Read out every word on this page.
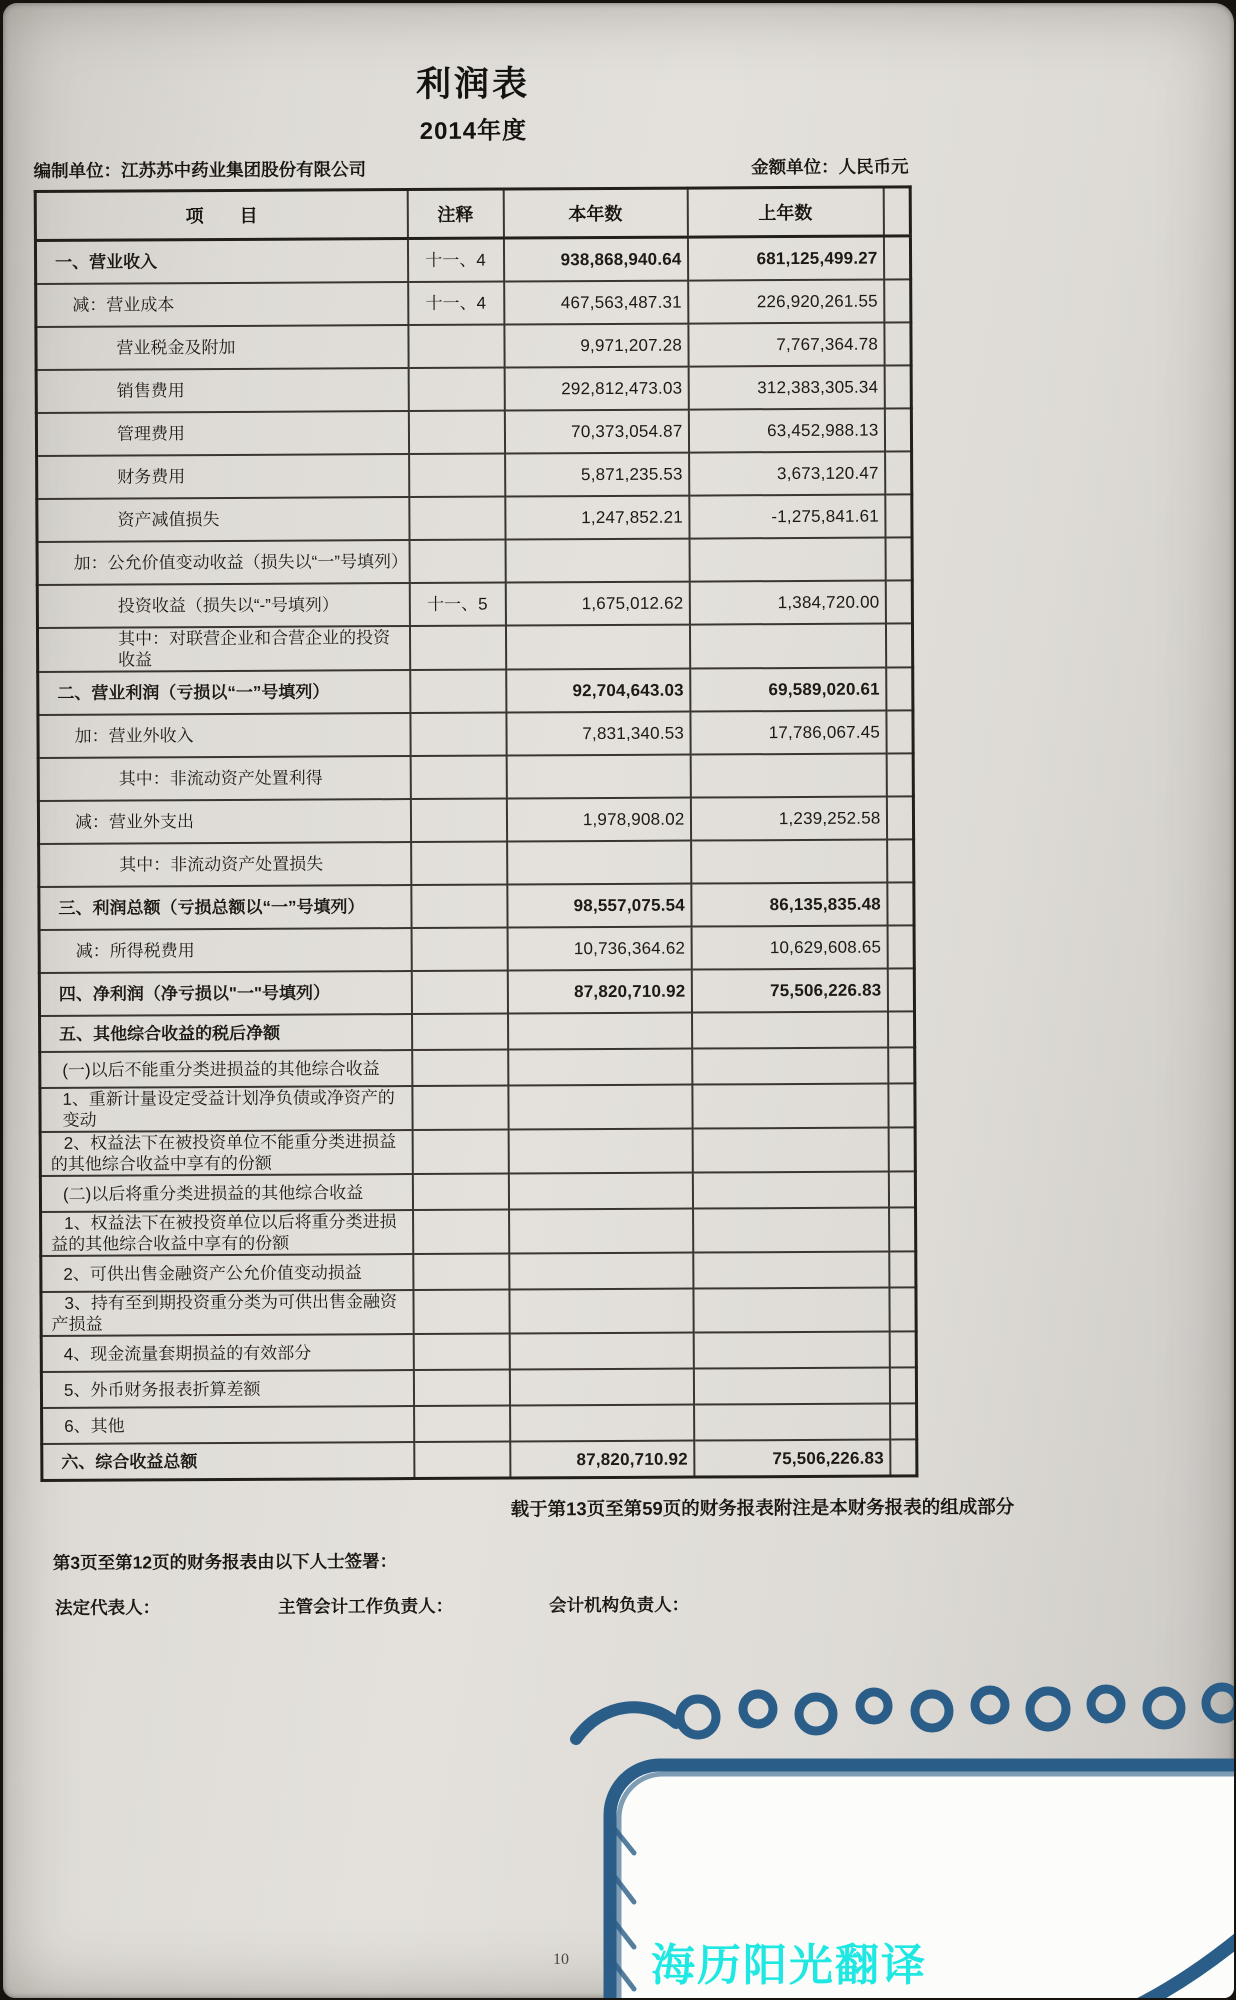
利润表
2014年度
编制单位：江苏苏中药业集团股份有限公司	金额单位：人民币元
项　　目	注释	本年数	上年数	

一、营业收入	十一、4	938,868,940.64	681,125,499.27	

减：营业成本	十一、4	467,563,487.31	226,920,261.55	

营业税金及附加		9,971,207.28	7,767,364.78	

销售费用		292,812,473.03	312,383,305.34	

管理费用		70,373,054.87	63,452,988.13	

财务费用		5,871,235.53	3,673,120.47	

资产减值损失		1,247,852.21	-1,275,841.61	

加：公允价值变动收益（损失以“一”号填列）				

投资收益（损失以“-”号填列）	十一、5	1,675,012.62	1,384,720.00	

其中：对联营企业和合营企业的投资收益				

二、营业利润（亏损以“一”号填列）		92,704,643.03	69,589,020.61	

加：营业外收入		7,831,340.53	17,786,067.45	

其中：非流动资产处置利得				

减：营业外支出		1,978,908.02	1,239,252.58	

其中：非流动资产处置损失				

三、利润总额（亏损总额以“一”号填列）		98,557,075.54	86,135,835.48	

减：所得税费用		10,736,364.62	10,629,608.65	

四、净利润（净亏损以"一"号填列）		87,820,710.92	75,506,226.83	

五、其他综合收益的税后净额				

(一)以后不能重分类进损益的其他综合收益				

1、重新计量设定受益计划净负债或净资产的变动				

2、权益法下在被投资单位不能重分类进损益的其他综合收益中享有的份额				

(二)以后将重分类进损益的其他综合收益				

1、权益法下在被投资单位以后将重分类进损益的其他综合收益中享有的份额				

2、可供出售金融资产公允价值变动损益				

3、持有至到期投资重分类为可供出售金融资产损益				

4、现金流量套期损益的有效部分				

5、外币财务报表折算差额				

6、其他				

六、综合收益总额		87,820,710.92	75,506,226.83	

载于第13页至第59页的财务报表附注是本财务报表的组成部分

第3页至第12页的财务报表由以下人士签署：

法定代表人：	主管会计工作负责人：	会计机构负责人：
海历阳光翻译
10
